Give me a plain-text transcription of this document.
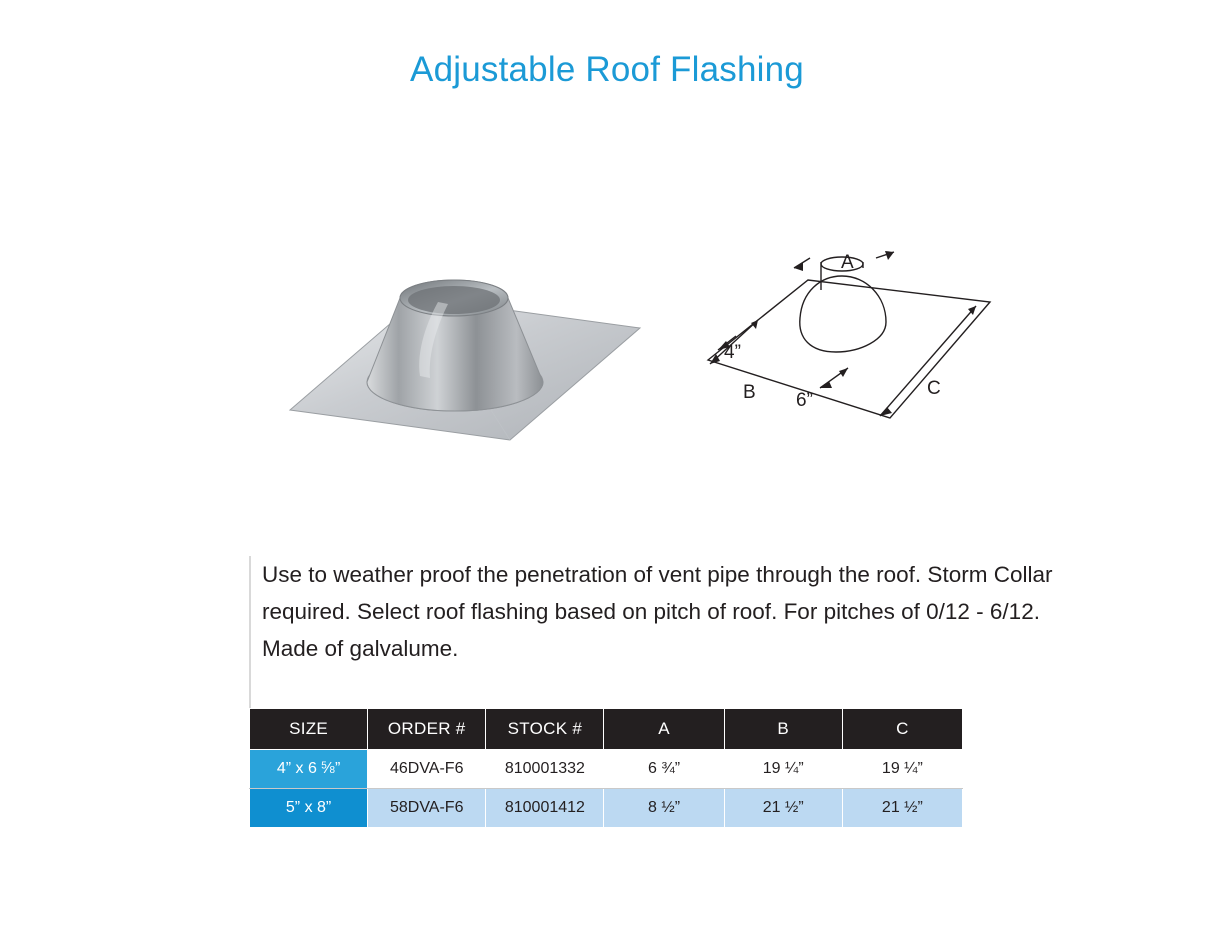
Adjustable Roof Flashing
A
B	C
4”
6”
Use to weather proof the penetration of vent pipe through the roof. Storm Collar required. Select roof flashing based on pitch of roof. For pitches of 0/12 - 6/12. Made of galvalume.
SIZE	ORDER #	STOCK #	A	B	C
4” x 6 $^5$⁄8”	46DVA-F6	810001332	6 ¾”	19 ¼”	19 ¼”
5” x 8”	58DVA-F6	810001412	8 ½”	21 ½”	21 ½”
